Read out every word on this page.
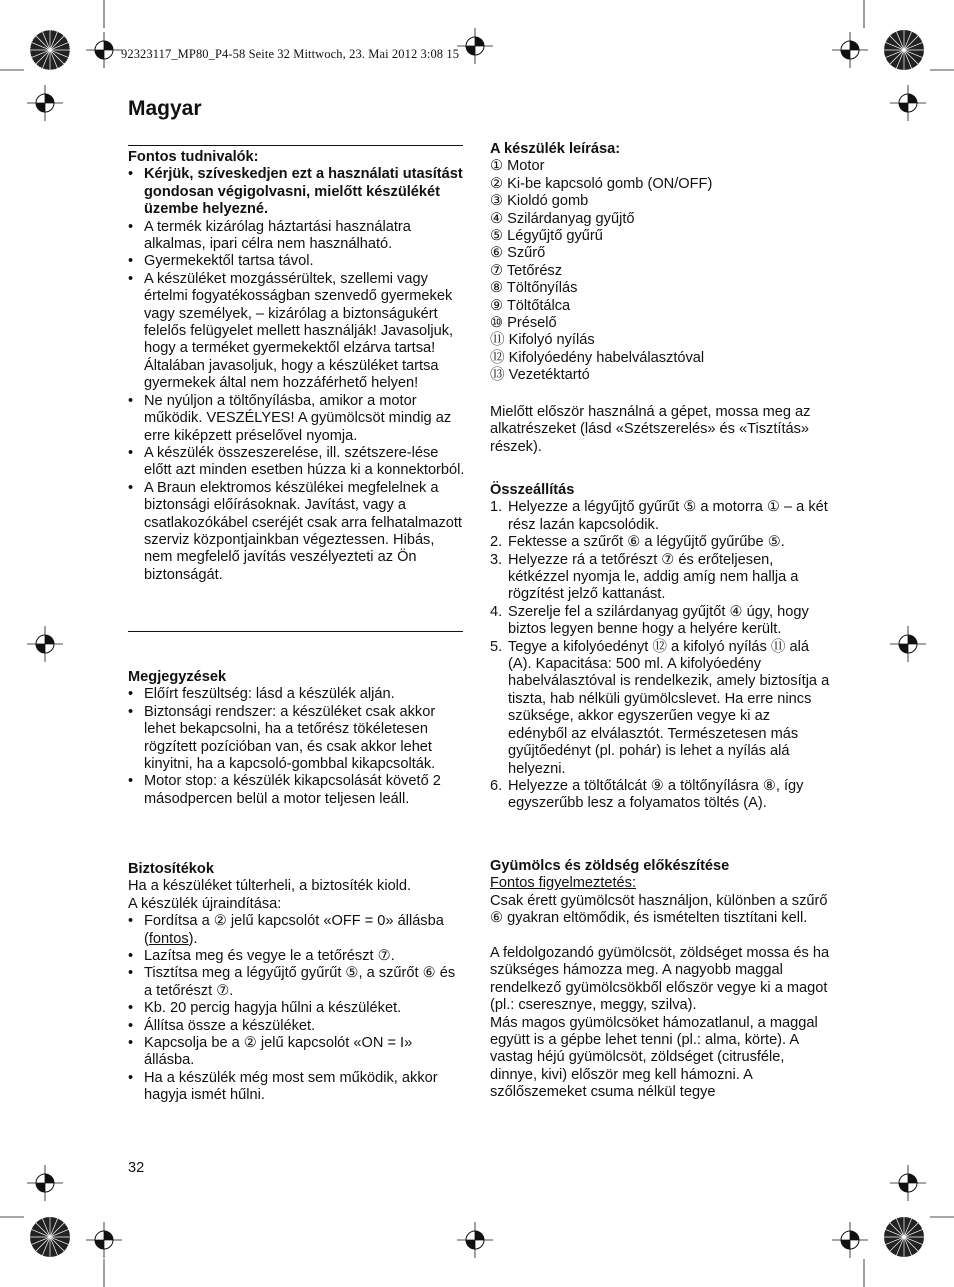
92323117_MP80_P4-58 Seite 32 Mittwoch, 23. Mai 2012 3:08 15
Magyar

Fontos tudnivalók:

• Kérjük, szíveskedjen ezt a használati utasítást gondosan végigolvasni, mielőtt készülékét üzembe helyezné.
• A termék kizárólag háztartási használatra alkalmas, ipari célra nem használható.
• Gyermekektől tartsa távol.
• A készüléket mozgássérültek, szellemi vagy értelmi fogyatékosságban szenvedő gyermekek vagy személyek, – kizárólag a biztonságukért felelős felügyelet mellett használják! Javasoljuk, hogy a terméket gyermekektől elzárva tartsa! Általában javasoljuk, hogy a készüléket tartsa gyermekek által nem hozzáférhető helyen!
• Ne nyúljon a töltőnyílásba, amikor a motor működik. VESZÉLYES! A gyümölcsöt mindig az erre kiképzett préselővel nyomja.
• A készülék összeszerelése, ill. szétszere-lése előtt azt minden esetben húzza ki a konnektorból.
• A Braun elektromos készülékei megfelelnek a biztonsági előírásoknak. Javítást, vagy a csatlakozókábel cseréjét csak arra felhatalmazott szerviz központjainkban végeztessen. Hibás, nem megfelelő javítás veszélyezteti az Ön biztonságát.

Megjegyzések

• Előírt feszültség: lásd a készülék alján.
• Biztonsági rendszer: a készüléket csak akkor lehet bekapcsolni, ha a tetőrész tökéletesen rögzített pozícióban van, és csak akkor lehet kinyitni, ha a kapcsoló-gombbal kikapcsolták.
• Motor stop: a készülék kikapcsolását követő 2 másodpercen belül a motor teljesen leáll.

Biztosítékok

Ha a készüléket túlterheli, a biztosíték kiold.

A készülék újraindítása:

• Fordítsa a ② jelű kapcsolót «OFF = 0» állásba (fontos).
• Lazítsa meg és vegye le a tetőrészt ⑦.
• Tisztítsa meg a légyűjtő gyűrűt ⑤, a szűrőt ⑥ és a tetőrészt ⑦.
• Kb. 20 percig hagyja hűlni a készüléket.
• Állítsa össze a készüléket.
• Kapcsolja be a ② jelű kapcsolót «ON = I» állásba.
• Ha a készülék még most sem működik, akkor hagyja ismét hűlni.

A készülék leírása:

① Motor

② Ki-be kapcsoló gomb (ON/OFF)

③ Kioldó gomb

④ Szilárdanyag gyűjtő

⑤ Légyűjtő gyűrű

⑥ Szűrő

⑦ Tetőrész

⑧ Töltőnyílás

⑨ Töltőtálca

⑩ Préselő

⑪ Kifolyó nyílás

⑫ Kifolyóedény habelválasztóval

⑬ Vezetéktartó

Mielőtt először használná a gépet, mossa meg az alkatrészeket (lásd «Szétszerelés» és «Tisztítás» részek).

Összeállítás

1. Helyezze a légyűjtő gyűrűt ⑤ a motorra ① – a két rész lazán kapcsolódik.
2. Fektesse a szűrőt ⑥ a légyűjtő gyűrűbe ⑤.
3. Helyezze rá a tetőrészt ⑦ és erőteljesen, kétkézzel nyomja le, addig amíg nem hallja a rögzítést jelző kattanást.
4. Szerelje fel a szilárdanyag gyűjtőt ④ úgy, hogy biztos legyen benne hogy a helyére került.
5. Tegye a kifolyóedényt ⑫ a kifolyó nyílás ⑪ alá (A). Kapacitása: 500 ml. A kifolyóedény habelválasztóval is rendelkezik, amely biztosítja a tiszta, hab nélküli gyümölcslevet. Ha erre nincs szüksége, akkor egyszerűen vegye ki az edényből az elválasztót. Természetesen más gyűjtőedényt (pl. pohár) is lehet a nyílás alá helyezni.
6. Helyezze a töltőtálcát ⑨ a töltőnyílásra ⑧, így egyszerűbb lesz a folyamatos töltés (A).

Gyümölcs és zöldség előkészítése

Fontos figyelmeztetés:

Csak érett gyümölcsöt használjon, különben a szűrő ⑥ gyakran eltömődik, és ismételten tisztítani kell.

A feldolgozandó gyümölcsöt, zöldséget mossa és ha szükséges hámozza meg. A nagyobb maggal rendelkező gyümölcsökből először vegye ki a magot (pl.: cseresznye, meggy, szilva).

Más magos gyümölcsöket hámozatlanul, a maggal együtt is a gépbe lehet tenni (pl.: alma, körte). A vastag héjú gyümölcsöt, zöldséget (citrusféle, dinnye, kivi) először meg kell hámozni. A szőlőszemeket csuma nélkül tegye

32
